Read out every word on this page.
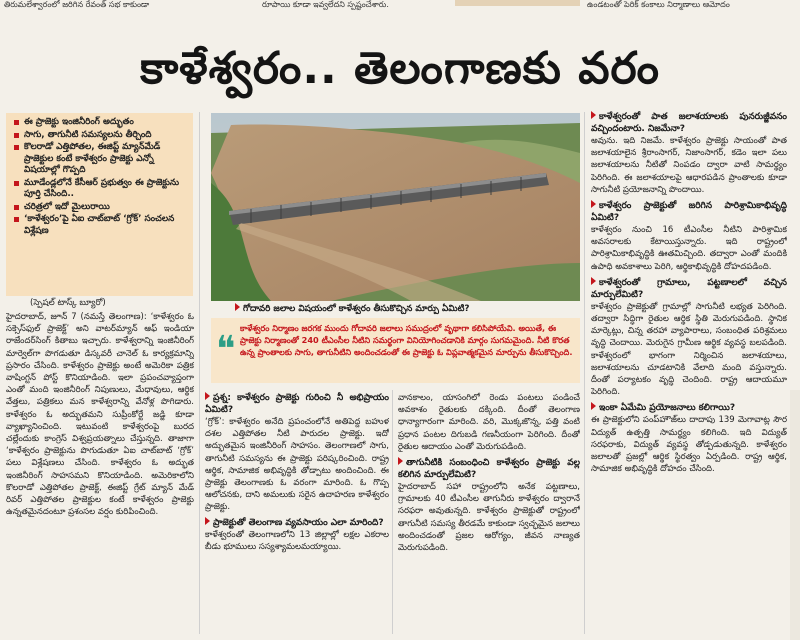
తిరుమలేశ్వారంలో జరిగిన రేవంత్ సభ కాకుండా	రూపాయి కూడా ఇవ్వలేదని స్పష్టంచేశారు.	ఉండటంతో పెరిక్ కంకాలు నిర్మాణాలు ఆమోదం
కాళేశ్వరం.. తెలంగాణకు వరం
ఈ ప్రాజెక్టు ఇంజినీరింగ్ అద్భుతం
సాగు, తాగునీటి సమస్యలను తీర్చింది
కొలరాడో ఎత్తిపోతల, ఈజిప్ట్ మ్యాన్‌మేడ్ ప్రాజెక్టుల కంటే కాళేశ్వరం ప్రాజెక్టు ఎన్నో విషయాల్లో గొప్పది
మూడేండ్లలోనే కేసీఆర్ ప్రభుత్వం ఈ ప్రాజెక్టును పూర్తి చేసింది..
చరిత్రలో ఇదో మైలురాయి
‘కాళేశ్వరం’పై ఏఐ చాట్‌బాట్ ‘గ్రోక్’ సంచలన విశ్లేషణ
(స్పెషల్ టాస్క్ బ్యూరో)
హైదరాబాద్, జూన్ 7 (నమస్తే తెలంగాణ): ‘కాళేశ్వరం ఓ సక్సెస్‌ఫుల్ ప్రాజెక్ట్’ అని వాటర్‌మ్యాన్ ఆఫ్ ఇండియా రాజేందర్‌సింగ్ కితాబు ఇచ్చారు. కాళేశ్వరాన్ని ఇంజినీరింగ్ మార్వెల్‌గా పొగడుతూ డిస్కవరీ చానెల్ ఓ కార్యక్రమాన్ని ప్రసారం చేసింది. కాళేశ్వరం ప్రాజెక్టు అంటే అమెరికా పత్రిక వాషింగ్టన్ పోస్ట్ కొనియాడింది. ఇలా ప్రపంచవ్యాప్తంగా ఎంతో మంది ఇంజినీరింగ్ నిపుణులు, మేధావులు, ఆర్థిక వేత్తలు, పత్రికలు మన కాళేశ్వరాన్ని వేనోళ్ల పొగిడారు. కాళేశ్వరం ఓ అద్భుతమని సుప్రీంకోర్టే జడ్జి కూడా వ్యాఖ్యానించింది. ఇటువంటి కాళేశ్వరంపై బురద చల్లేందుకు కాంగ్రెస్ విశ్వప్రయత్నాలు చేస్తున్నది. తాజాగా ‘కాళేశ్వరం ప్రాజెక్టును పొగుడుతూ ఏఐ చాట్‌బాట్ ‘గ్రోక్’ పలు విశ్లేషణలు చేసింది. కాళేశ్వరం ఓ అద్భుత ఇంజినీరింగ్ సాహసమని కొనియాడింది. అమెరికాలోని కొలరాడో ఎత్తిపోతల ప్రాజెక్ట్, ఈజిప్ట్ గ్రేట్ మ్యాన్ మేడ్ రివర్ ఎత్తిపోతల ప్రాజెక్టుల కంటే కాళేశ్వరం ప్రాజెక్టు ఉన్నతమైనదంటూ ప్రశంసల వర్షం కురిపించింది.
గోదావరి జలాల విషయంలో కాళేశ్వరం తీసుకొచ్చిన మార్పు ఏమిటి?
❝
కాళేశ్వరం నిర్మాణం జరగక ముందు గోదావరి జలాలు సముద్రంలో వృథాగా కలిసిపోయేవి. అయితే, ఈ ప్రాజెక్టు నిర్మాణంతో 240 టీఎంసీల నీటిని సమర్థంగా వినియోగించడానికి మార్గం సుగమమైంది. నీటి కొరత ఉన్న ప్రాంతాలకు సాగు, తాగునీటిని అందించడంతో ఈ ప్రాజెక్టు ఓ విప్లవాత్మకమైన మార్పును తీసుకొచ్చింది.
ప్రశ్న: కాళేశ్వరం ప్రాజెక్టు గురించి నీ అభిప్రాయం ఏమిటి?
‘గ్రోక్’: కాళేశ్వరం అనేది ప్రపంచంలోనే అతిపెద్ద బహుళ దశల ఎత్తిపోతల నీటి పారుదల ప్రాజెక్టు. ఇదో అద్భుతమైన ఇంజినీరింగ్ సాహసం. తెలంగాణలో సాగు, తాగునీటి సమస్యను ఈ ప్రాజెక్టు పరిష్కరించింది. రాష్ట్ర ఆర్థిక, సామాజిక అభివృద్ధికి తోడ్పాటు అందించింది. ఈ ప్రాజెక్టు తెలంగాణకు ఓ వరంగా మారింది. ఓ గొప్ప ఆలోచనకు, దాని అమలుకు సరైన ఉదాహరణ కాళేశ్వరం ప్రాజెక్టు.
ప్రాజెక్టుతో తెలంగాణ వ్యవసాయం ఎలా మారింది?
కాళేశ్వరంతో తెలంగాణలోని 13 జిల్లాల్లో లక్షల ఎకరాల బీడు భూములు సస్యశ్యామలమయ్యాయి.
వానకాలం, యాసంగిలో రెండు పంటలు పండించే అవకాశం రైతులకు దక్కింది. దీంతో తెలంగాణ ధాన్యాగారంగా మారింది. వరి, మొక్కజొన్న, పత్తి వంటి ప్రధాన పంటల దిగుబడి గణనీయంగా పెరిగింది. దీంతో రైతుల ఆదాయం ఎంతో మెరుగుపడింది.
తాగునీటికి సంబంధించి కాళేశ్వరం ప్రాజెక్టు వల్ల కలిగిన మార్పులేమిటి?
హైదరాబాద్ సహా రాష్ట్రంలోని అనేక పట్టణాలు, గ్రామాలకు 40 టీఎంసీల తాగునీరు కాళేశ్వరం ద్వారానే సరఫరా అవుతున్నది. కాళేశ్వరం ప్రాజెక్టుతో రాష్ట్రంలో తాగునీటి సమస్య తీరడమే కాకుండా స్వచ్ఛమైన జలాలు అందించడంతో ప్రజల ఆరోగ్యం, జీవన నాణ్యత మెరుగుపడింది.
కాళేశ్వరంతో పాత జలాశయాలకు పునరుజ్జీవనం వచ్చిందంటారు. నిజమేనా?
అవును. ఇది నిజమే. కాళేశ్వరం ప్రాజెక్టు సాయంతో పాత జలాశయాలైన శ్రీరాంసాగర్, నిజాంసాగర్, కడెం ఇలా పలు జలాశయాలను నీటితో నింపడం ద్వారా వాటి సామర్థ్యం పెరిగింది. ఈ జలాశయాలపై ఆధారపడిన ప్రాంతాలకు కూడా సాగునీటి ప్రయోజనాన్ని పొందాయి.
కాళేశ్వరం ప్రాజెక్టుతో జరిగిన పారిశ్రామికాభివృద్ధి ఏమిటి?
కాళేశ్వరం నుంచి 16 టీఎంసీల నీటిని పారిశ్రామిక అవసరాలకు కేటాయిస్తున్నారు. ఇది రాష్ట్రంలో పారిశ్రామికాభివృద్ధికి ఊతమిచ్చింది. తద్వారా ఎంతో మందికి ఉపాధి అవకాశాలు పెరిగి, ఆర్థికాభివృద్ధికి దోహదపడింది.
కాళేశ్వరంతో గ్రామాలు, పట్టణాలలో వచ్చిన మార్పులేమిటి?
కాళేశ్వరం ప్రాజెక్టుతో గ్రామాల్లో సాగునీటి లభ్యత పెరిగింది. తద్వారా సిద్ధిగా రైతుల ఆర్థిక స్థితి మెరుగుపడింది. స్థానిక మార్కెట్లు, చిన్న తరహా వ్యాపారాలు, సంబంధిత పరిశ్రమలు వృద్ధి చెందాయి. మెరుగైన గ్రామీణ ఆర్థిక వ్యవస్థ బలపడింది. కాళేశ్వరంలో భాగంగా నిర్మించిన జలాశయాలు, జలాశయాలను చూడటానికి వేలాది మంది వస్తున్నారు. దీంతో పర్యాటకం వృద్ధి చెందింది. రాష్ట్ర ఆదాయమూ పెరిగింది.
ఇంకా ఏమేమి ప్రయోజనాలు కలిగాయి?
ఈ ప్రాజెక్టులోని పంప్‌హౌజ్‌లు దాదాపు 139 మెగావాట్ల సౌర విద్యుత్ ఉత్పత్తి సామర్థ్యం కలిగింది. ఇది విద్యుత్ సరఫరాకు, విద్యుత్ వ్యవస్థ తోడ్పడుతున్నది. కాళేశ్వరం జలాలతో ప్రజల్లో ఆర్థిక స్థిరత్వం ఏర్పడింది. రాష్ట్ర ఆర్థిక, సామాజిక అభివృద్ధికి దోహదం చేసింది.
